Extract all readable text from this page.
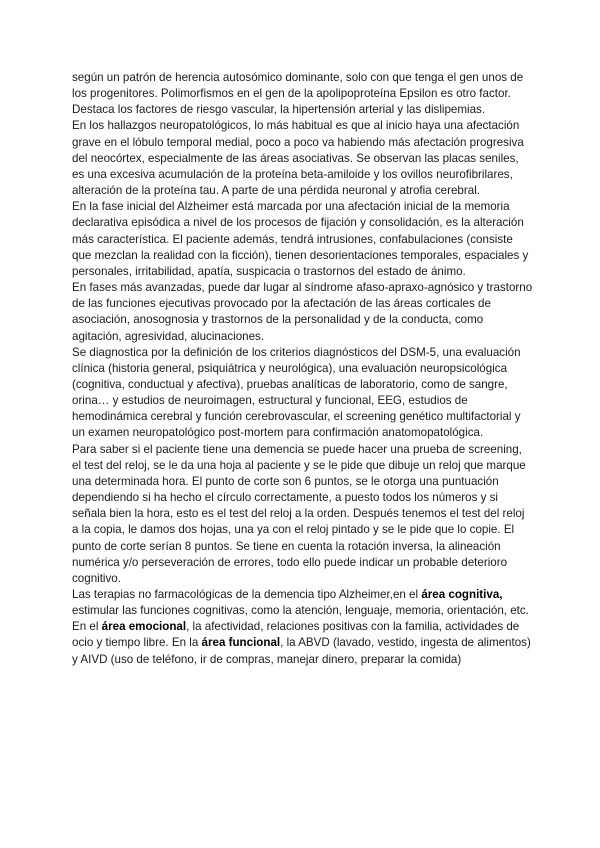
según un patrón de herencia autosómico dominante, solo con que tenga el gen unos de los progenitores. Polimorfismos en el gen de la apolipoproteína Epsilon es otro factor. Destaca los factores de riesgo vascular, la hipertensión arterial y las dislipemias.

En los hallazgos neuropatológicos, lo más habitual es que al inicio haya una afectación grave en el lóbulo temporal medial, poco a poco va habiendo más afectación progresiva del neocórtex, especialmente de las áreas asociativas. Se observan las placas seniles, es una excesiva acumulación de la proteína beta-amiloide y los ovillos neurofibrilares, alteración de la proteína tau. A parte de una pérdida neuronal y atrofia cerebral.

En la fase inicial del Alzheimer está marcada por una afectación inicial de la memoria declarativa episódica a nivel de los procesos de fijación y consolidación, es la alteración más característica. El paciente además, tendrá intrusiones, confabulaciones (consiste que mezclan la realidad con la ficción), tienen desorientaciones temporales, espaciales y personales, irritabilidad, apatía, suspicacia o trastornos del estado de ánimo.

En fases más avanzadas, puede dar lugar al síndrome afaso-apraxo-agnósico y trastorno de las funciones ejecutivas provocado por la afectación de las áreas corticales de asociación, anosognosia y trastornos de la personalidad y de la conducta, como agitación, agresividad, alucinaciones.

Se diagnostica por la definición de los criterios diagnósticos del DSM-5, una evaluación clínica (historia general, psiquiátrica y neurológica), una evaluación neuropsicológica (cognitiva, conductual y afectiva), pruebas analíticas de laboratorio, como de sangre, orina… y estudios de neuroimagen, estructural y funcional, EEG, estudios de hemodinámica cerebral y función cerebrovascular, el screening genético multifactorial y un examen neuropatológico post-mortem para confirmación anatomopatológica.

Para saber si el paciente tiene una demencia se puede hacer una prueba de screening, el test del reloj, se le da una hoja al paciente y se le pide que dibuje un reloj que marque una determinada hora. El punto de corte son 6 puntos, se le otorga una puntuación dependiendo si ha hecho el círculo correctamente, a puesto todos los números y si señala bien la hora, esto es el test del reloj a la orden. Después tenemos el test del reloj a la copia, le damos dos hojas, una ya con el reloj pintado y se le pide que lo copie. El punto de corte serían 8 puntos. Se tiene en cuenta la rotación inversa, la alineación numérica y/o perseveración de errores, todo ello puede indicar un probable deterioro cognitivo.

Las terapias no farmacológicas de la demencia tipo Alzheimer,en el área cognitiva, estimular las funciones cognitivas, como la atención, lenguaje, memoria, orientación, etc. En el área emocional, la afectividad, relaciones positivas con la familia, actividades de ocio y tiempo libre. En la área funcional, la ABVD (lavado, vestido, ingesta de alimentos) y AIVD (uso de teléfono, ir de compras, manejar dinero, preparar la comida)
